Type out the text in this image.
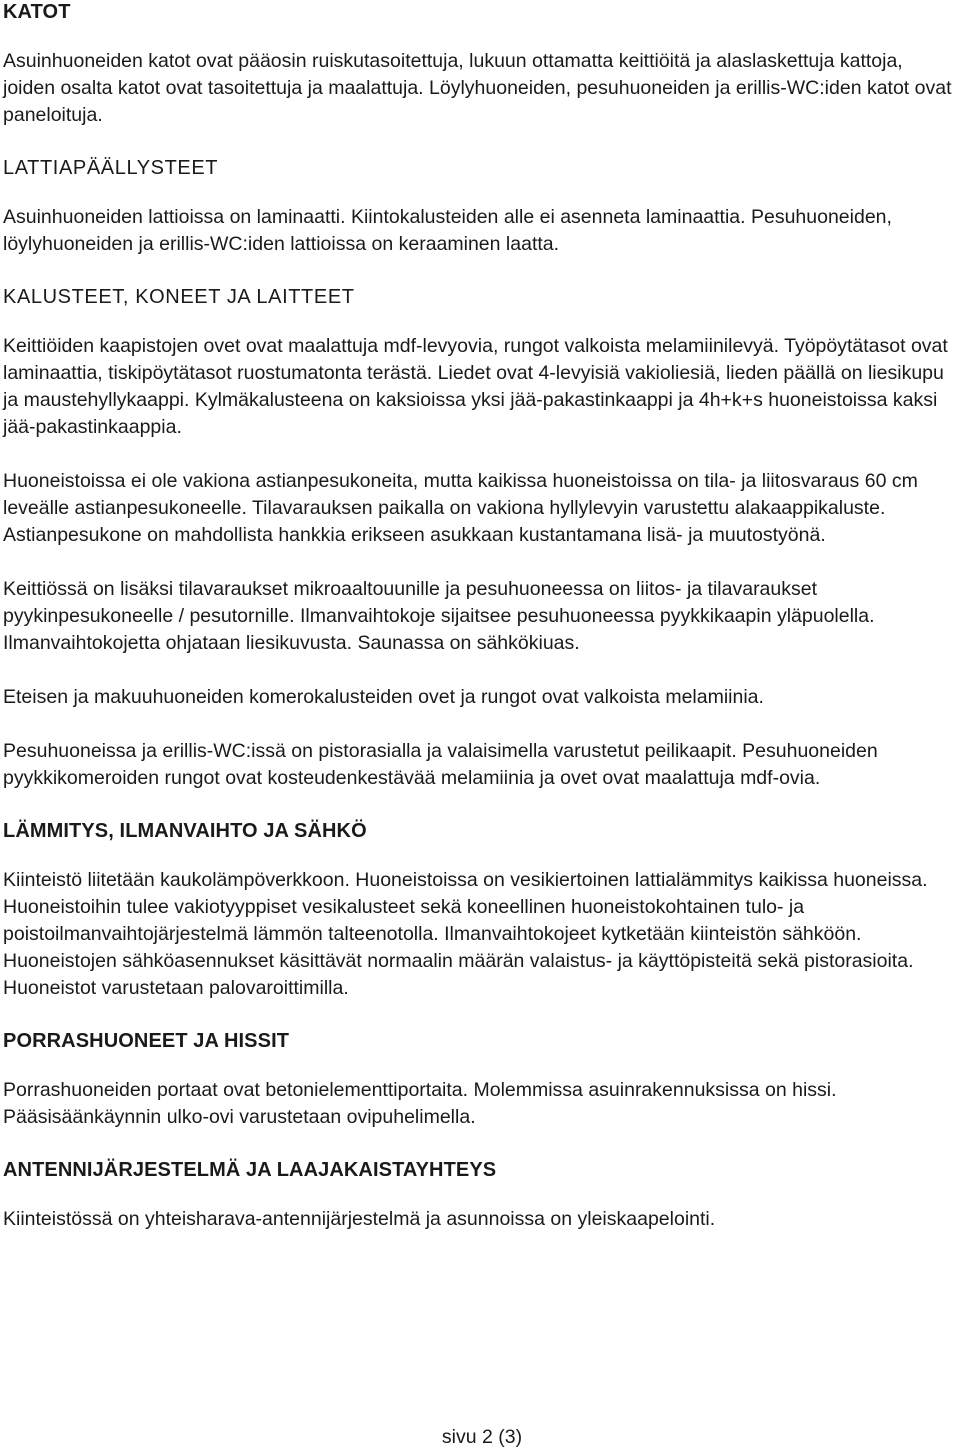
KATOT

Asuinhuoneiden katot ovat pääosin ruiskutasoitettuja, lukuun ottamatta keittiöitä ja alaslaskettuja kattoja, joiden osalta katot ovat tasoitettuja ja maalattuja. Löylyhuoneiden, pesuhuoneiden ja erillis-WC:iden katot ovat paneloituja.

LATTIAPÄÄLLYSTEET

Asuinhuoneiden lattioissa on laminaatti. Kiintokalusteiden alle ei asenneta laminaattia. Pesuhuoneiden, löylyhuoneiden ja erillis-WC:iden lattioissa on keraaminen laatta.

KALUSTEET, KONEET JA LAITTEET

Keittiöiden kaapistojen ovet ovat maalattuja mdf-levyovia, rungot valkoista melamiinilevyä. Työpöytätasot ovat laminaattia, tiskipöytätasot ruostumatonta terästä. Liedet ovat 4-levyisiä vakioliesiä, lieden päällä on liesikupu ja maustehyllykaappi. Kylmäkalusteena on kaksioissa yksi jää-pakastinkaappi ja 4h+k+s huoneistoissa kaksi jää-pakastinkaappia.

Huoneistoissa ei ole vakiona astianpesukoneita, mutta kaikissa huoneistoissa on tila- ja liitosvaraus 60 cm leveälle astianpesukoneelle. Tilavarauksen paikalla on vakiona hyllylevyin varustettu alakaappikaluste. Astianpesukone on mahdollista hankkia erikseen asukkaan kustantamana lisä- ja muutostyönä.

Keittiössä on lisäksi tilavaraukset mikroaaltouunille ja pesuhuoneessa on liitos- ja tilavaraukset pyykinpesukoneelle / pesutornille. Ilmanvaihtokoje sijaitsee pesuhuoneessa pyykkikaapin yläpuolella. Ilmanvaihtokojetta ohjataan liesikuvusta. Saunassa on sähkökiuas.

Eteisen ja makuuhuoneiden komerokalusteiden ovet ja rungot ovat valkoista melamiinia.

Pesuhuoneissa ja erillis-WC:issä on pistorasialla ja valaisimella varustetut peilikaapit. Pesuhuoneiden pyykkikomeroiden rungot ovat kosteudenkestävää melamiinia ja ovet ovat maalattuja mdf-ovia.

LÄMMITYS, ILMANVAIHTO JA SÄHKÖ

Kiinteistö liitetään kaukolämpöverkkoon. Huoneistoissa on vesikiertoinen lattialämmitys kaikissa huoneissa. Huoneistoihin tulee vakiotyyppiset vesikalusteet sekä koneellinen huoneistokohtainen tulo- ja poistoilmanvaihtojärjestelmä lämmön talteenotolla. Ilmanvaihtokojeet kytketään kiinteistön sähköön. Huoneistojen sähköasennukset käsittävät normaalin määrän valaistus- ja käyttöpisteitä sekä pistorasioita. Huoneistot varustetaan palovaroittimilla.

PORRASHUONEET JA HISSIT

Porrashuoneiden portaat ovat betonielementtiportaita. Molemmissa asuinrakennuksissa on hissi. Pääsisäänkäynnin ulko-ovi varustetaan ovipuhelimella.

ANTENNIJÄRJESTELMÄ JA LAAJAKAISTAYHTEYS

Kiinteistössä on yhteisharava-antennijärjestelmä ja asunnoissa on yleiskaapelointi.

sivu 2 (3)
